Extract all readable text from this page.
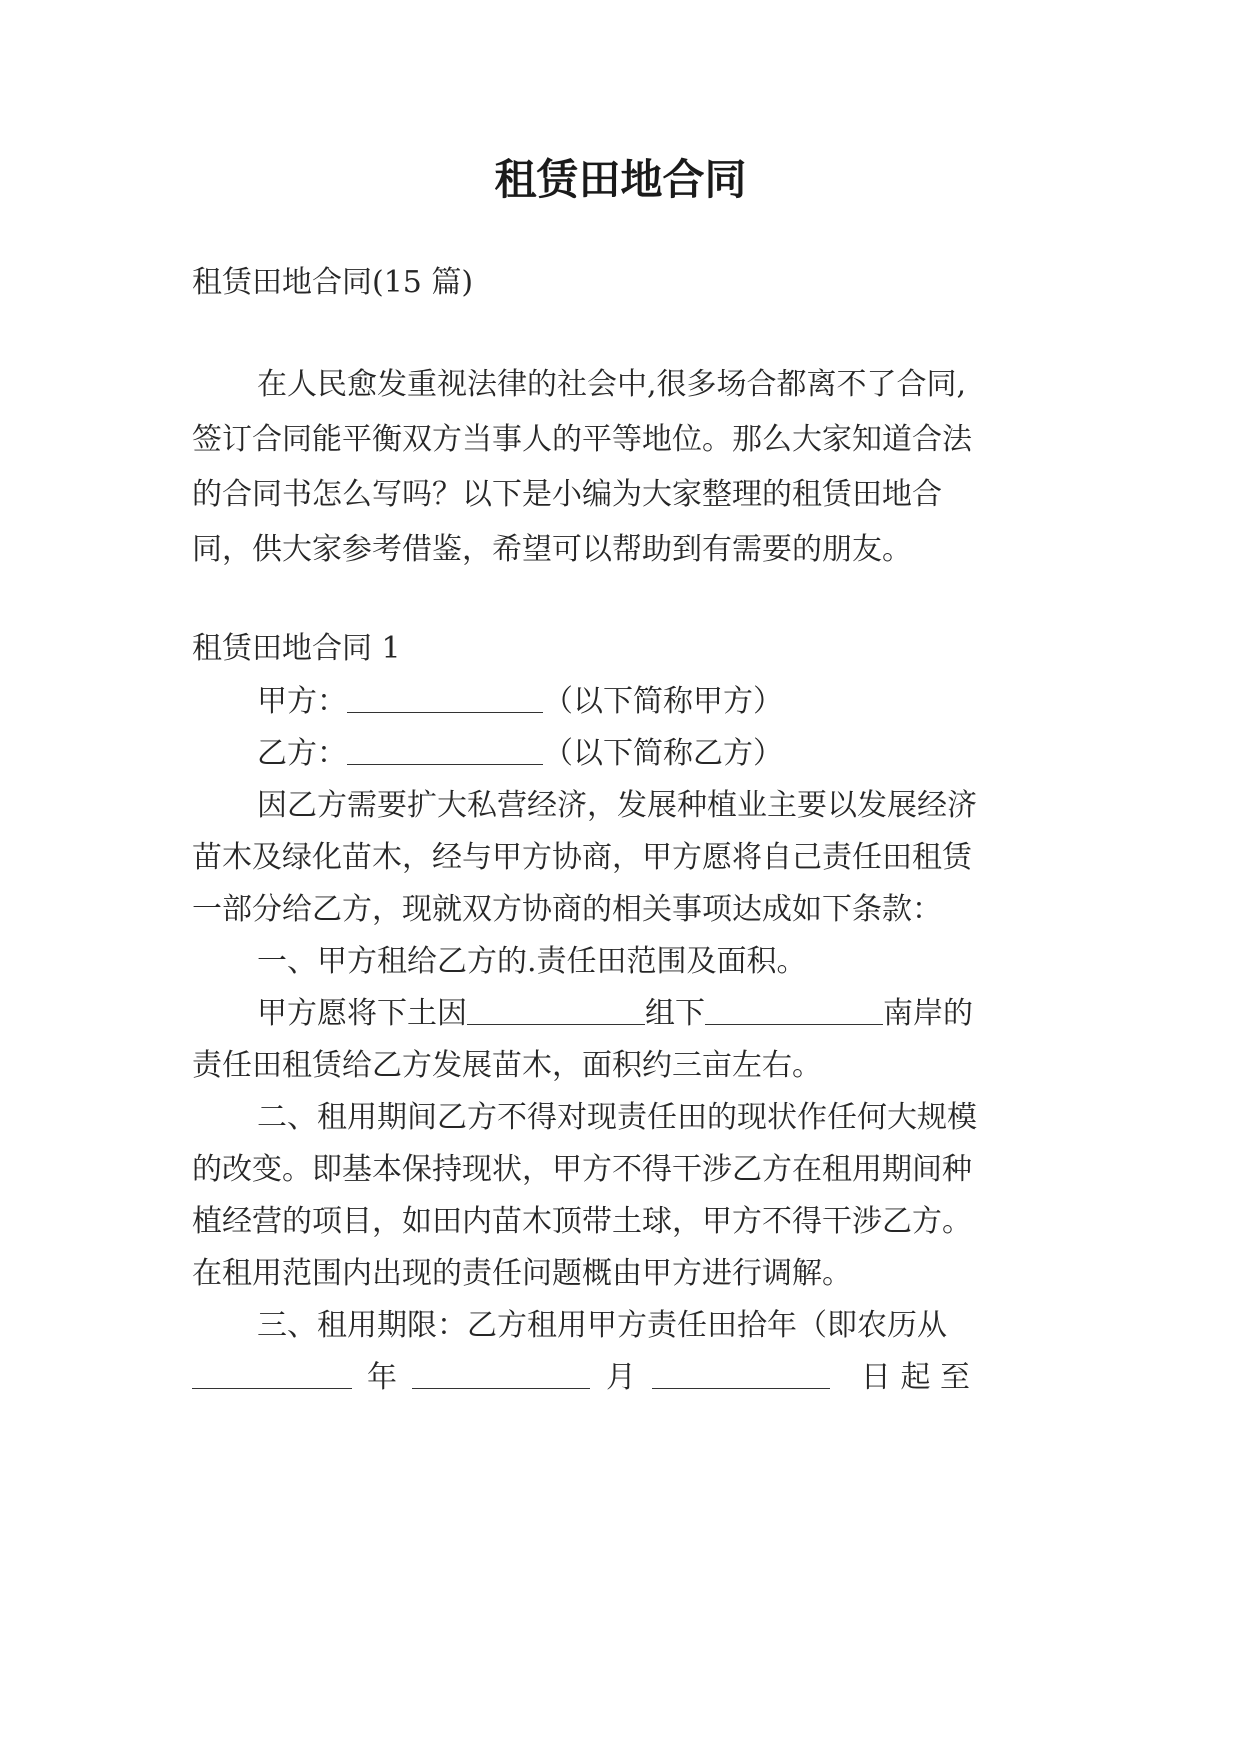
租赁田地合同
租赁田地合同(15 篇)
在人民愈发重视法律的社会中,很多场合都离不了合同,
签订合同能平衡双方当事人的平等地位。那么大家知道合法
的合同书怎么写吗？以下是小编为大家整理的租赁田地合
同，供大家参考借鉴，希望可以帮助到有需要的朋友。
租赁田地合同 1
甲方：	（以下简称甲方）
乙方：	（以下简称乙方）
因乙方需要扩大私营经济，发展种植业主要以发展经济
苗木及绿化苗木，经与甲方协商，甲方愿将自己责任田租赁
一部分给乙方，现就双方协商的相关事项达成如下条款：
一、甲方租给乙方的.责任田范围及面积。
甲方愿将下土因	组下	南岸的
责任田租赁给乙方发展苗木，面积约三亩左右。
二、租用期间乙方不得对现责任田的现状作任何大规模
的改变。即基本保持现状，甲方不得干涉乙方在租用期间种
植经营的项目，如田内苗木顶带土球，甲方不得干涉乙方。
在租用范围内出现的责任问题概由甲方进行调解。
三、租用期限：乙方租用甲方责任田拾年（即农历从
年	月	日 起 至
